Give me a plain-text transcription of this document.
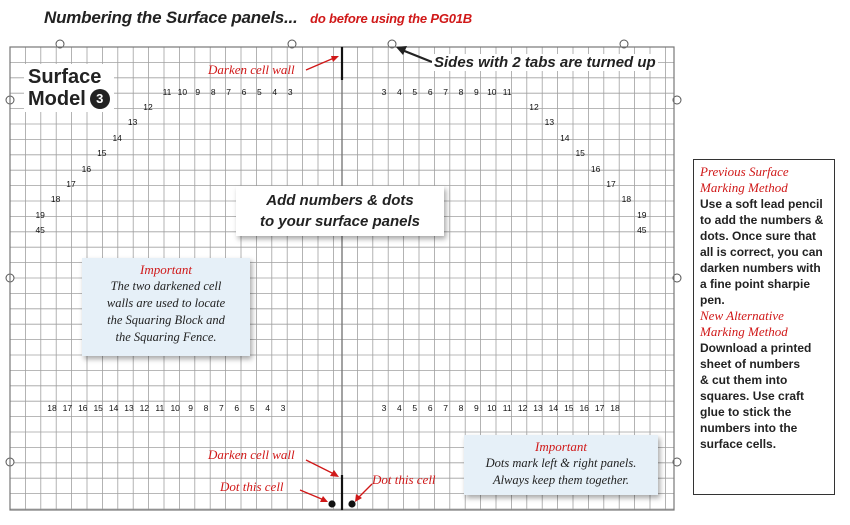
Numbering the Surface panels... do before using the PG01B
11 10 9	8	7	6	5	4	3	3	4	5	6	7	8	9 10 11
12
13
14
15
16
17
18
19
45
12
13
14
15
16
17
18
19
45
18 17 16 15 14 13 12 11 10 9	8	7	6	5	4	3	3	4	5	6	7	8	9 10 11 12 13 14 15 16 17 18
Surface
Model 3
Darken cell wall	Sides with 2 tabs are turned up
Darken cell wall
Dot this cell	Dot this cell
Add numbers & dots
to your surface panels
Important
The two darkened cell
walls are used to locate
the Squaring Block and
the Squaring Fence.
Important
Dots mark left & right panels.
Always keep them together.
Previous Surface
Marking Method
Use a soft lead pencil
to add the numbers &
dots. Once sure that
all is correct, you can
darken numbers with
a fine point sharpie
pen.
New Alternative
Marking Method
Download a printed
sheet of numbers
& cut them into
squares. Use craft
glue to stick the
numbers into the
surface cells.
